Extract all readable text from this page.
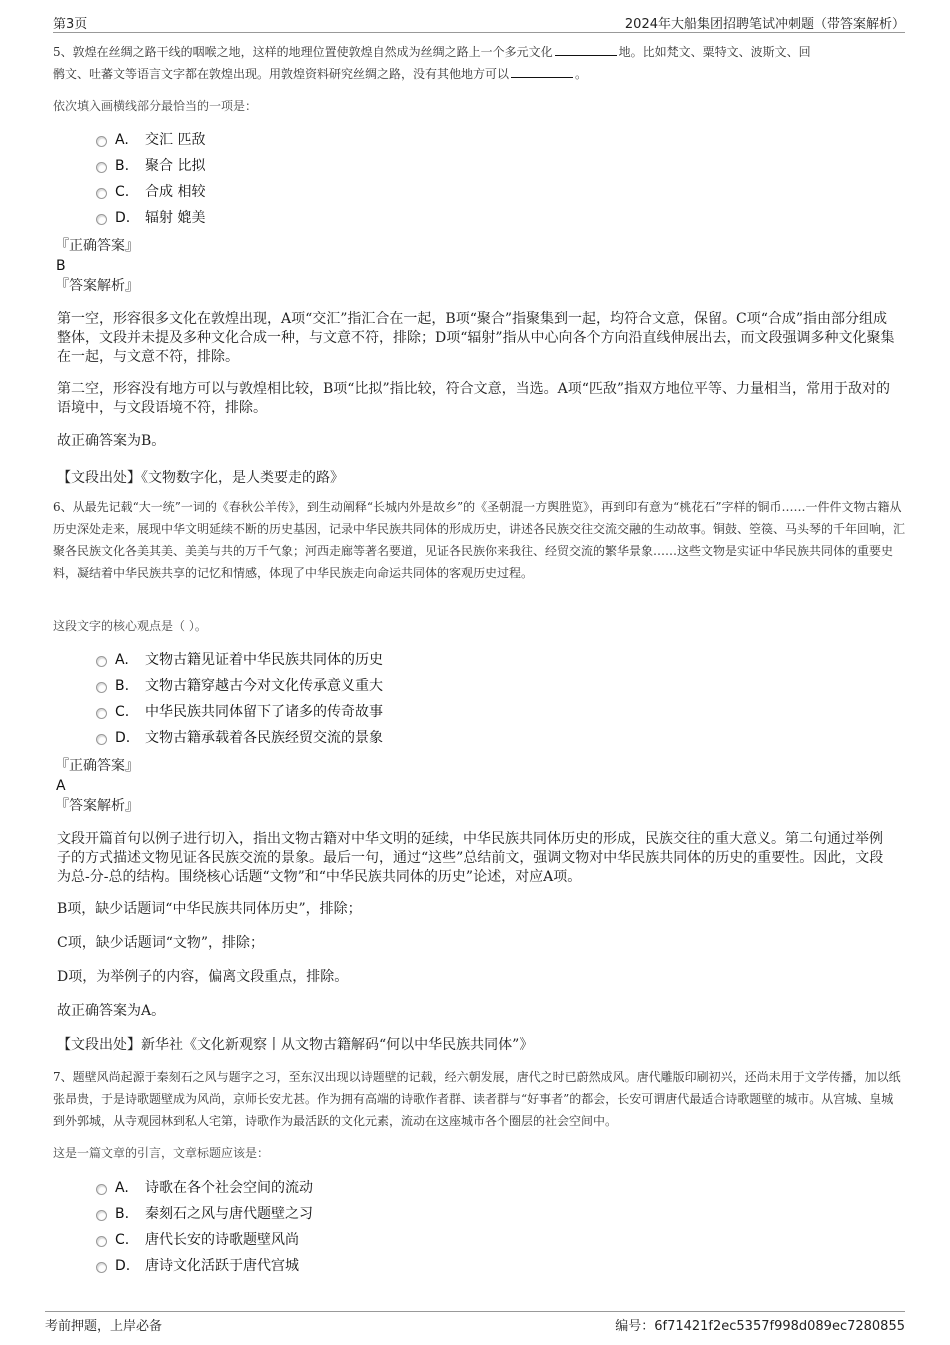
第3页	2024年大船集团招聘笔试冲刺题（带答案解析）

5、敦煌在丝绸之路干线的咽喉之地，这样的地理位置使敦煌自然成为丝绸之路上一个多元文化	地。比如梵文、粟特文、波斯文、回
鹘文、吐蕃文等语言文字都在敦煌出现。用敦煌资料研究丝绸之路，没有其他地方可以	。

依次填入画横线部分最恰当的一项是：

A. 交汇 匹敌
B. 聚合 比拟
C. 合成 相较
D. 辐射 媲美

『正确答案』

B

『答案解析』

第一空，形容很多文化在敦煌出现，A项“交汇”指汇合在一起，B项“聚合”指聚集到一起，均符合文意，保留。C项“合成”指由部分组成整体，文段并未提及多种文化合成一种，与文意不符，排除；D项“辐射”指从中心向各个方向沿直线伸展出去，而文段强调多种文化聚集在一起，与文意不符，排除。

第二空，形容没有地方可以与敦煌相比较，B项“比拟”指比较，符合文意，当选。A项“匹敌”指双方地位平等、力量相当，常用于敌对的语境中，与文段语境不符，排除。

故正确答案为B。

【文段出处】《文物数字化，是人类要走的路》

6、从最先记载“大一统”一词的《春秋公羊传》，到生动阐释“长城内外是故乡”的《圣朝混一方舆胜览》，再到印有意为“桃花石”字样的铜币……一件件文物古籍从历史深处走来，展现中华文明延续不断的历史基因，记录中华民族共同体的形成历史，讲述各民族交往交流交融的生动故事。铜鼓、箜篌、马头琴的千年回响，汇聚各民族文化各美其美、美美与共的万千气象；河西走廊等著名要道，见证各民族你来我往、经贸交流的繁华景象……这些文物是实证中华民族共同体的重要史料，凝结着中华民族共享的记忆和情感，体现了中华民族走向命运共同体的客观历史过程。

这段文字的核心观点是（ ）。

A. 文物古籍见证着中华民族共同体的历史
B. 文物古籍穿越古今对文化传承意义重大
C. 中华民族共同体留下了诸多的传奇故事
D. 文物古籍承载着各民族经贸交流的景象

『正确答案』

A

『答案解析』

文段开篇首句以例子进行切入，指出文物古籍对中华文明的延续，中华民族共同体历史的形成，民族交往的重大意义。第二句通过举例子的方式描述文物见证各民族交流的景象。最后一句，通过“这些”总结前文，强调文物对中华民族共同体的历史的重要性。因此，文段为总-分-总的结构。围绕核心话题“文物”和“中华民族共同体的历史”论述，对应A项。

B项，缺少话题词“中华民族共同体历史”，排除；

C项，缺少话题词“文物”，排除；

D项，为举例子的内容，偏离文段重点，排除。

故正确答案为A。

【文段出处】新华社《文化新观察丨从文物古籍解码“何以中华民族共同体”》

7、题壁风尚起源于秦刻石之风与题字之习，至东汉出现以诗题壁的记载，经六朝发展，唐代之时已蔚然成风。唐代雕版印刷初兴，还尚未用于文学传播，加以纸张昂贵，于是诗歌题壁成为风尚，京师长安尤甚。作为拥有高端的诗歌作者群、读者群与“好事者”的都会，长安可谓唐代最适合诗歌题壁的城市。从宫城、皇城到外郭城，从寺观园林到私人宅第，诗歌作为最活跃的文化元素，流动在这座城市各个圈层的社会空间中。

这是一篇文章的引言，文章标题应该是：

A. 诗歌在各个社会空间的流动
B. 秦刻石之风与唐代题壁之习
C. 唐代长安的诗歌题壁风尚
D. 唐诗文化活跃于唐代宫城
考前押题，上岸必备	编号：6f71421f2ec5357f998d089ec7280855
